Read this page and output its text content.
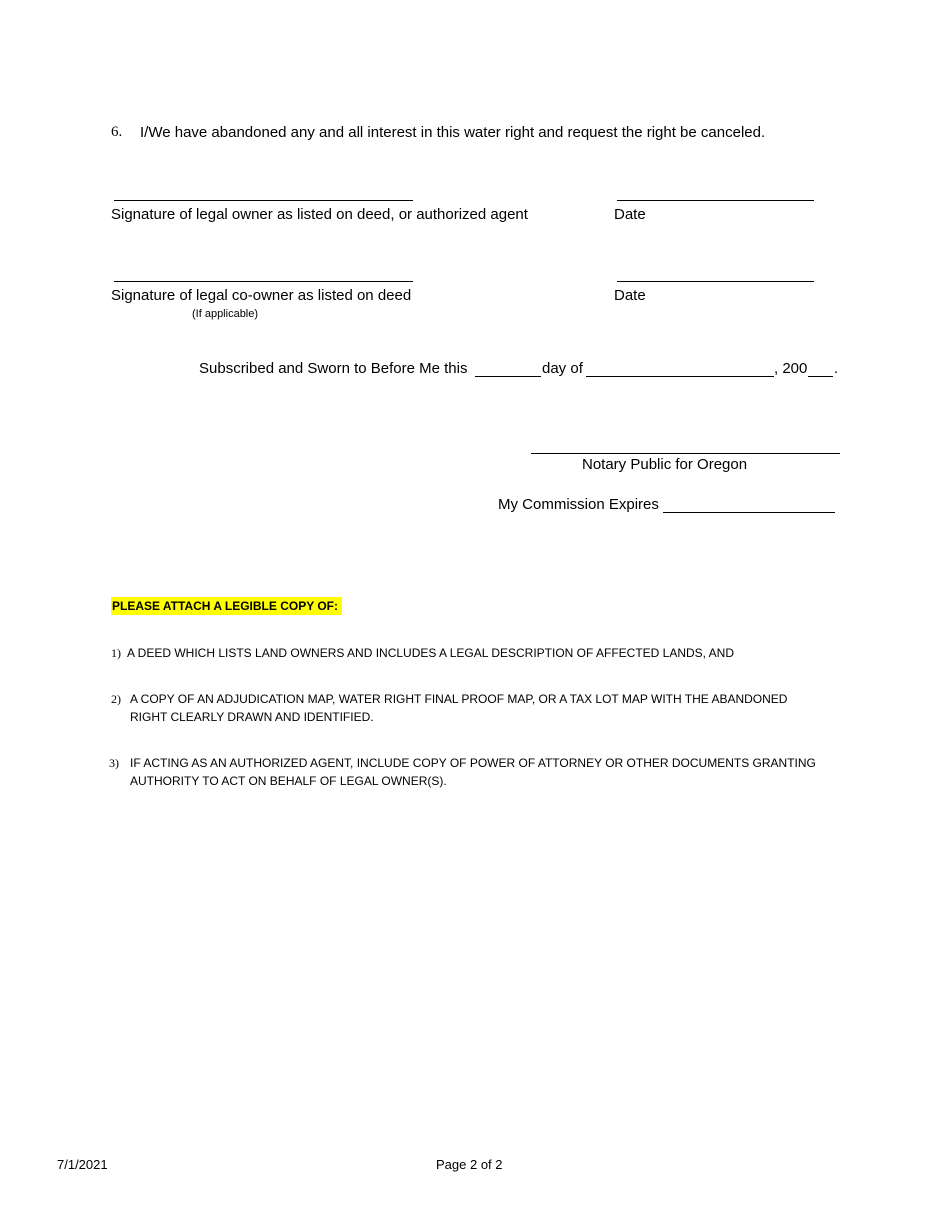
6. I/We have abandoned any and all interest in this water right and request the right be canceled.
Signature of legal owner as listed on deed, or authorized agent	Date
Signature of legal co-owner as listed on deed	Date
(If applicable)
Subscribed and Sworn to Before Me this	day of	, 200 .
Notary Public for Oregon
My Commission Expires
PLEASE ATTACH A LEGIBLE COPY OF:
1) A DEED WHICH LISTS LAND OWNERS AND INCLUDES A LEGAL DESCRIPTION OF AFFECTED LANDS, AND
2) A COPY OF AN ADJUDICATION MAP, WATER RIGHT FINAL PROOF MAP, OR A TAX LOT MAP WITH THE ABANDONED
RIGHT CLEARLY DRAWN AND IDENTIFIED.
3) IF ACTING AS AN AUTHORIZED AGENT, INCLUDE COPY OF POWER OF ATTORNEY OR OTHER DOCUMENTS GRANTING
AUTHORITY TO ACT ON BEHALF OF LEGAL OWNER(S).
7/1/2021	Page 2 of 2
